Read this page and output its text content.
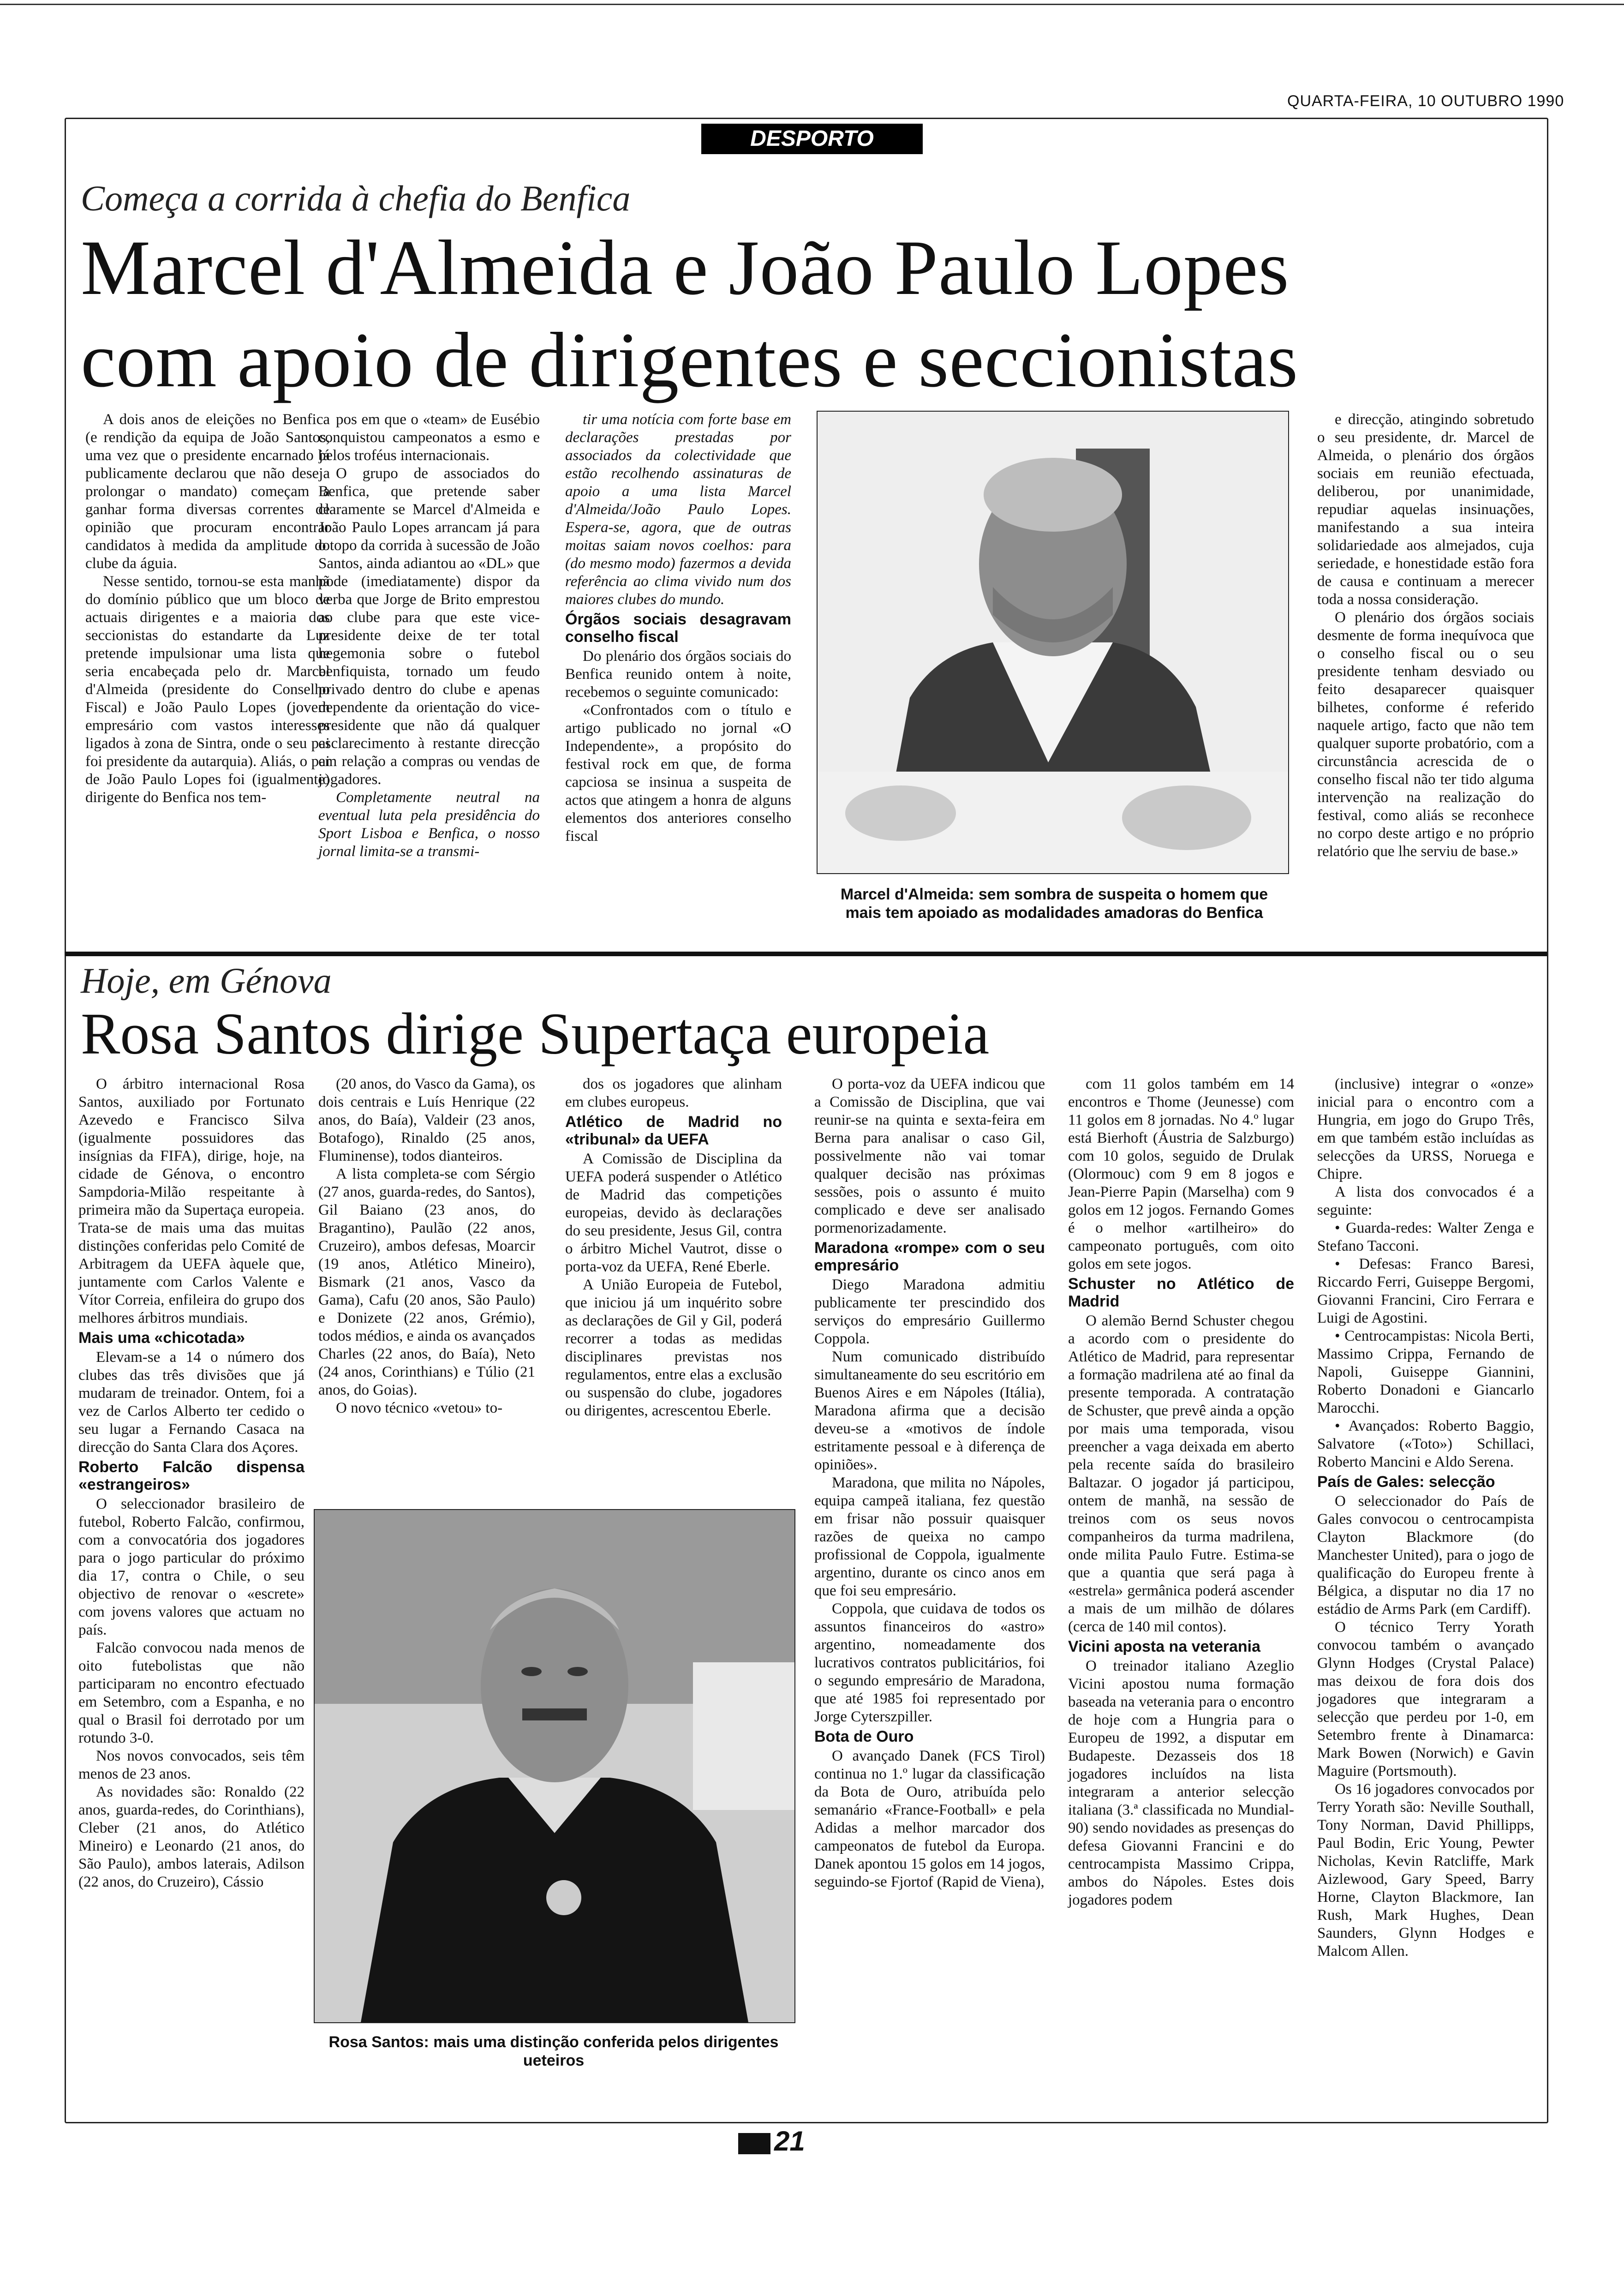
QUARTA-FEIRA, 10 OUTUBRO 1990
DESPORTO
Começa a corrida à chefia do Benfica
Marcel d'Almeida e João Paulo Lopes
com apoio de dirigentes e seccionistas

A dois anos de eleições no Benfica (e rendição da equipa de João Santos, uma vez que o presidente encarnado já publicamente declarou que não deseja prolongar o mandato) começam a ganhar forma diversas correntes de opinião que procuram encontrar candidatos à medida da amplitude do clube da águia.

Nesse sentido, tornou-se esta manhã do domínio público que um bloco de actuais dirigentes e a maioria dos seccionistas do estandarte da Luz pretende impulsionar uma lista que seria encabeçada pelo dr. Marcel d'Almeida (presidente do Conselho Fiscal) e João Paulo Lopes (jovem empresário com vastos interesses ligados à zona de Sintra, onde o seu pai foi presidente da autarquia). Aliás, o pai de João Paulo Lopes foi (igualmente) dirigente do Benfica nos tem-

pos em que o «team» de Eusébio conquistou campeonatos a esmo e belos troféus internacionais.

O grupo de associados do Benfica, que pretende saber claramente se Marcel d'Almeida e João Paulo Lopes arrancam já para o topo da corrida à sucessão de João Santos, ainda adiantou ao «DL» que pode (imediatamente) dispor da verba que Jorge de Brito emprestou ao clube para que este vice-presidente deixe de ter total hegemonia sobre o futebol benfiquista, tornado um feudo privado dentro do clube e apenas dependente da orientação do vice-presidente que não dá qualquer esclarecimento à restante direcção em relação a compras ou vendas de jogadores.

Completamente neutral na eventual luta pela presidência do Sport Lisboa e Benfica, o nosso jornal limita-se a transmi-

tir uma notícia com forte base em declarações prestadas por associados da colectividade que estão recolhendo assinaturas de apoio a uma lista Marcel d'Almeida/João Paulo Lopes. Espera-se, agora, que de outras moitas saiam novos coelhos: para (do mesmo modo) fazermos a devida referência ao clima vivido num dos maiores clubes do mundo.

Órgãos sociais desagravam conselho fiscal

Do plenário dos órgãos sociais do Benfica reunido ontem à noite, recebemos o seguinte comunicado:

«Confrontados com o título e artigo publicado no jornal «O Independente», a propósito do festival rock em que, de forma capciosa se insinua a suspeita de actos que atingem a honra de alguns elementos dos anteriores conselho fiscal

Marcel d'Almeida: sem sombra de suspeita o homem que mais tem apoiado as modalidades amadoras do Benfica

e direcção, atingindo sobretudo o seu presidente, dr. Marcel de Almeida, o plenário dos órgãos sociais em reunião efectuada, deliberou, por unanimidade, repudiar aquelas insinuações, manifestando a sua inteira solidariedade aos almejados, cuja seriedade, e honestidade estão fora de causa e continuam a merecer toda a nossa consideração.

O plenário dos órgãos sociais desmente de forma inequívoca que o conselho fiscal ou o seu presidente tenham desviado ou feito desaparecer quaisquer bilhetes, conforme é referido naquele artigo, facto que não tem qualquer suporte probatório, com a circunstância acrescida de o conselho fiscal não ter tido alguma intervenção na realização do festival, como aliás se reconhece no corpo deste artigo e no próprio relatório que lhe serviu de base.»

Hoje, em Génova
Rosa Santos dirige Supertaça europeia

O árbitro internacional Rosa Santos, auxiliado por Fortunato Azevedo e Francisco Silva (igualmente possuidores das insígnias da FIFA), dirige, hoje, na cidade de Génova, o encontro Sampdoria-Milão respeitante à primeira mão da Supertaça europeia. Trata-se de mais uma das muitas distinções conferidas pelo Comité de Arbitragem da UEFA àquele que, juntamente com Carlos Valente e Vítor Correia, enfileira do grupo dos melhores árbitros mundiais.

Mais uma «chicotada»

Elevam-se a 14 o número dos clubes das três divisões que já mudaram de treinador. Ontem, foi a vez de Carlos Alberto ter cedido o seu lugar a Fernando Casaca na direcção do Santa Clara dos Açores.

Roberto Falcão dispensa «estrangeiros»

O seleccionador brasileiro de futebol, Roberto Falcão, confirmou, com a convocatória dos jogadores para o jogo particular do próximo dia 17, contra o Chile, o seu objectivo de renovar o «escrete» com jovens valores que actuam no país.

Falcão convocou nada menos de oito futebolistas que não participaram no encontro efectuado em Setembro, com a Espanha, e no qual o Brasil foi derrotado por um rotundo 3-0.

Nos novos convocados, seis têm menos de 23 anos.

As novidades são: Ronaldo (22 anos, guarda-redes, do Corinthians), Cleber (21 anos, do Atlético Mineiro) e Leonardo (21 anos, do São Paulo), ambos laterais, Adilson (22 anos, do Cruzeiro), Cássio

(20 anos, do Vasco da Gama), os dois centrais e Luís Henrique (22 anos, do Baía), Valdeir (23 anos, Botafogo), Rinaldo (25 anos, Fluminense), todos dianteiros.

A lista completa-se com Sérgio (27 anos, guarda-redes, do Santos), Gil Baiano (23 anos, do Bragantino), Paulão (22 anos, Cruzeiro), ambos defesas, Moarcir (19 anos, Atlético Mineiro), Bismark (21 anos, Vasco da Gama), Cafu (20 anos, São Paulo) e Donizete (22 anos, Grémio), todos médios, e ainda os avançados Charles (22 anos, do Baía), Neto (24 anos, Corinthians) e Túlio (21 anos, do Goias).

O novo técnico «vetou» to-

dos os jogadores que alinham em clubes europeus.

Atlético de Madrid no «tribunal» da UEFA

A Comissão de Disciplina da UEFA poderá suspender o Atlético de Madrid das competições europeias, devido às declarações do seu presidente, Jesus Gil, contra o árbitro Michel Vautrot, disse o porta-voz da UEFA, René Eberle.

A União Europeia de Futebol, que iniciou já um inquérito sobre as declarações de Gil y Gil, poderá recorrer a todas as medidas disciplinares previstas nos regulamentos, entre elas a exclusão ou suspensão do clube, jogadores ou dirigentes, acrescentou Eberle.

Rosa Santos: mais uma distinção conferida pelos dirigentes ueteiros

O porta-voz da UEFA indicou que a Comissão de Disciplina, que vai reunir-se na quinta e sexta-feira em Berna para analisar o caso Gil, possivelmente não vai tomar qualquer decisão nas próximas sessões, pois o assunto é muito complicado e deve ser analisado pormenorizadamente.

Maradona «rompe» com o seu empresário

Diego Maradona admitiu publicamente ter prescindido dos serviços do empresário Guillermo Coppola.

Num comunicado distribuído simultaneamente do seu escritório em Buenos Aires e em Nápoles (Itália), Maradona afirma que a decisão deveu-se a «motivos de índole estritamente pessoal e à diferença de opiniões».

Maradona, que milita no Nápoles, equipa campeã italiana, fez questão em frisar não possuir quaisquer razões de queixa no campo profissional de Coppola, igualmente argentino, durante os cinco anos em que foi seu empresário.

Coppola, que cuidava de todos os assuntos financeiros do «astro» argentino, nomeadamente dos lucrativos contratos publicitários, foi o segundo empresário de Maradona, que até 1985 foi representado por Jorge Cyterszpiller.

Bota de Ouro

O avançado Danek (FCS Tirol) continua no 1.º lugar da classificação da Bota de Ouro, atribuída pelo semanário «France-Football» e pela Adidas a melhor marcador dos campeonatos de futebol da Europa. Danek apontou 15 golos em 14 jogos, seguindo-se Fjortof (Rapid de Viena),

com 11 golos também em 14 encontros e Thome (Jeunesse) com 11 golos em 8 jornadas. No 4.º lugar está Bierhoft (Áustria de Salzburgo) com 10 golos, seguido de Drulak (Olormouc) com 9 em 8 jogos e Jean-Pierre Papin (Marselha) com 9 golos em 12 jogos. Fernando Gomes é o melhor «artilheiro» do campeonato português, com oito golos em sete jogos.

Schuster no Atlético de Madrid

O alemão Bernd Schuster chegou a acordo com o presidente do Atlético de Madrid, para representar a formação madrilena até ao final da presente temporada. A contratação de Schuster, que prevê ainda a opção por mais uma temporada, visou preencher a vaga deixada em aberto pela recente saída do brasileiro Baltazar. O jogador já participou, ontem de manhã, na sessão de treinos com os seus novos companheiros da turma madrilena, onde milita Paulo Futre. Estima-se que a quantia que será paga à «estrela» germânica poderá ascender a mais de um milhão de dólares (cerca de 140 mil contos).

Vicini aposta na veterania

O treinador italiano Azeglio Vicini apostou numa formação baseada na veterania para o encontro de hoje com a Hungria para o Europeu de 1992, a disputar em Budapeste. Dezasseis dos 18 jogadores incluídos na lista integraram a anterior selecção italiana (3.ª classificada no Mundial-90) sendo novidades as presenças do defesa Giovanni Francini e do centrocampista Massimo Crippa, ambos do Nápoles. Estes dois jogadores podem

(inclusive) integrar o «onze» inicial para o encontro com a Hungria, em jogo do Grupo Três, em que também estão incluídas as selecções da URSS, Noruega e Chipre.

A lista dos convocados é a seguinte:

• Guarda-redes: Walter Zenga e Stefano Tacconi.

• Defesas: Franco Baresi, Riccardo Ferri, Guiseppe Bergomi, Giovanni Francini, Ciro Ferrara e Luigi de Agostini.

• Centrocampistas: Nicola Berti, Massimo Crippa, Fernando de Napoli, Guiseppe Giannini, Roberto Donadoni e Giancarlo Marocchi.

• Avançados: Roberto Baggio, Salvatore («Toto») Schillaci, Roberto Mancini e Aldo Serena.

País de Gales: selecção

O seleccionador do País de Gales convocou o centrocampista Clayton Blackmore (do Manchester United), para o jogo de qualificação do Europeu frente à Bélgica, a disputar no dia 17 no estádio de Arms Park (em Cardiff).

O técnico Terry Yorath convocou também o avançado Glynn Hodges (Crystal Palace) mas deixou de fora dois dos jogadores que integraram a selecção que perdeu por 1-0, em Setembro frente à Dinamarca: Mark Bowen (Norwich) e Gavin Maguire (Portsmouth).

Os 16 jogadores convocados por Terry Yorath são: Neville Southall, Tony Norman, David Phillipps, Paul Bodin, Eric Young, Pewter Nicholas, Kevin Ratcliffe, Mark Aizlewood, Gary Speed, Barry Horne, Clayton Blackmore, Ian Rush, Mark Hughes, Dean Saunders, Glynn Hodges e Malcom Allen.

21
